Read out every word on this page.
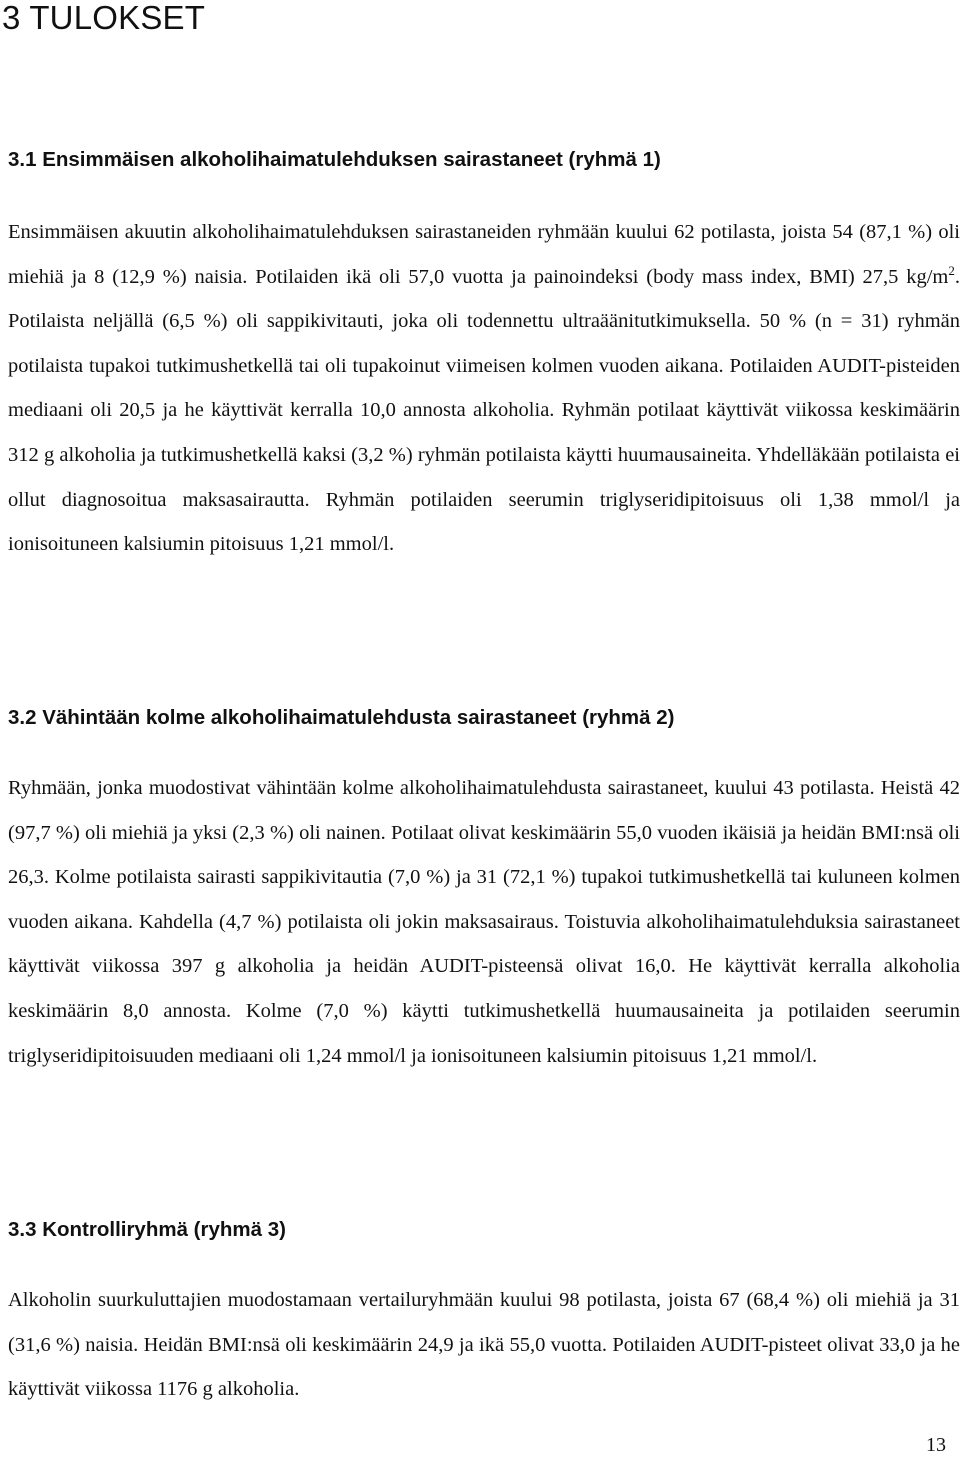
3 TULOKSET
3.1 Ensimmäisen alkoholihaimatulehduksen sairastaneet (ryhmä 1)

Ensimmäisen akuutin alkoholihaimatulehduksen sairastaneiden ryhmään kuului 62 potilasta, joista 54 (87,1 %) oli miehiä ja 8 (12,9 %) naisia. Potilaiden ikä oli 57,0 vuotta ja painoindeksi (body mass index, BMI) 27,5 $kg/m^2$. Potilaista neljällä (6,5 %) oli sappikivitauti, joka oli todennettu ultraäänitutkimuksella. 50 % (n = 31) ryhmän potilaista tupakoi tutkimushetkellä tai oli tupakoinut viimeisen kolmen vuoden aikana. Potilaiden AUDIT-pisteiden mediaani oli 20,5 ja he käyttivät kerralla 10,0 annosta alkoholia. Ryhmän potilaat käyttivät viikossa keskimäärin 312 g alkoholia ja tutkimushetkellä kaksi (3,2 %) ryhmän potilaista käytti huumausaineita. Yhdelläkään potilaista ei ollut diagnosoitua maksasairautta. Ryhmän potilaiden seerumin triglyseridipitoisuus oli 1,38 mmol/l ja ionisoituneen kalsiumin pitoisuus 1,21 mmol/l.

3.2 Vähintään kolme alkoholihaimatulehdusta sairastaneet (ryhmä 2)

Ryhmään, jonka muodostivat vähintään kolme alkoholihaimatulehdusta sairastaneet, kuului 43 potilasta. Heistä 42 (97,7 %) oli miehiä ja yksi (2,3 %) oli nainen. Potilaat olivat keskimäärin 55,0 vuoden ikäisiä ja heidän BMI:nsä oli 26,3. Kolme potilaista sairasti sappikivitautia (7,0 %) ja 31 (72,1 %) tupakoi tutkimushetkellä tai kuluneen kolmen vuoden aikana. Kahdella (4,7 %) potilaista oli jokin maksasairaus. Toistuvia alkoholihaimatulehduksia sairastaneet käyttivät viikossa 397 g alkoholia ja heidän AUDIT-pisteensä olivat 16,0. He käyttivät kerralla alkoholia keskimäärin 8,0 annosta. Kolme (7,0 %) käytti tutkimushetkellä huumausaineita ja potilaiden seerumin triglyseridipitoisuuden mediaani oli 1,24 mmol/l ja ionisoituneen kalsiumin pitoisuus 1,21 mmol/l.

3.3 Kontrolliryhmä (ryhmä 3)

Alkoholin suurkuluttajien muodostamaan vertailuryhmään kuului 98 potilasta, joista 67 (68,4 %) oli miehiä ja 31 (31,6 %) naisia. Heidän BMI:nsä oli keskimäärin 24,9 ja ikä 55,0 vuotta. Potilaiden AUDIT-pisteet olivat 33,0 ja he käyttivät viikossa 1176 g alkoholia.

13
